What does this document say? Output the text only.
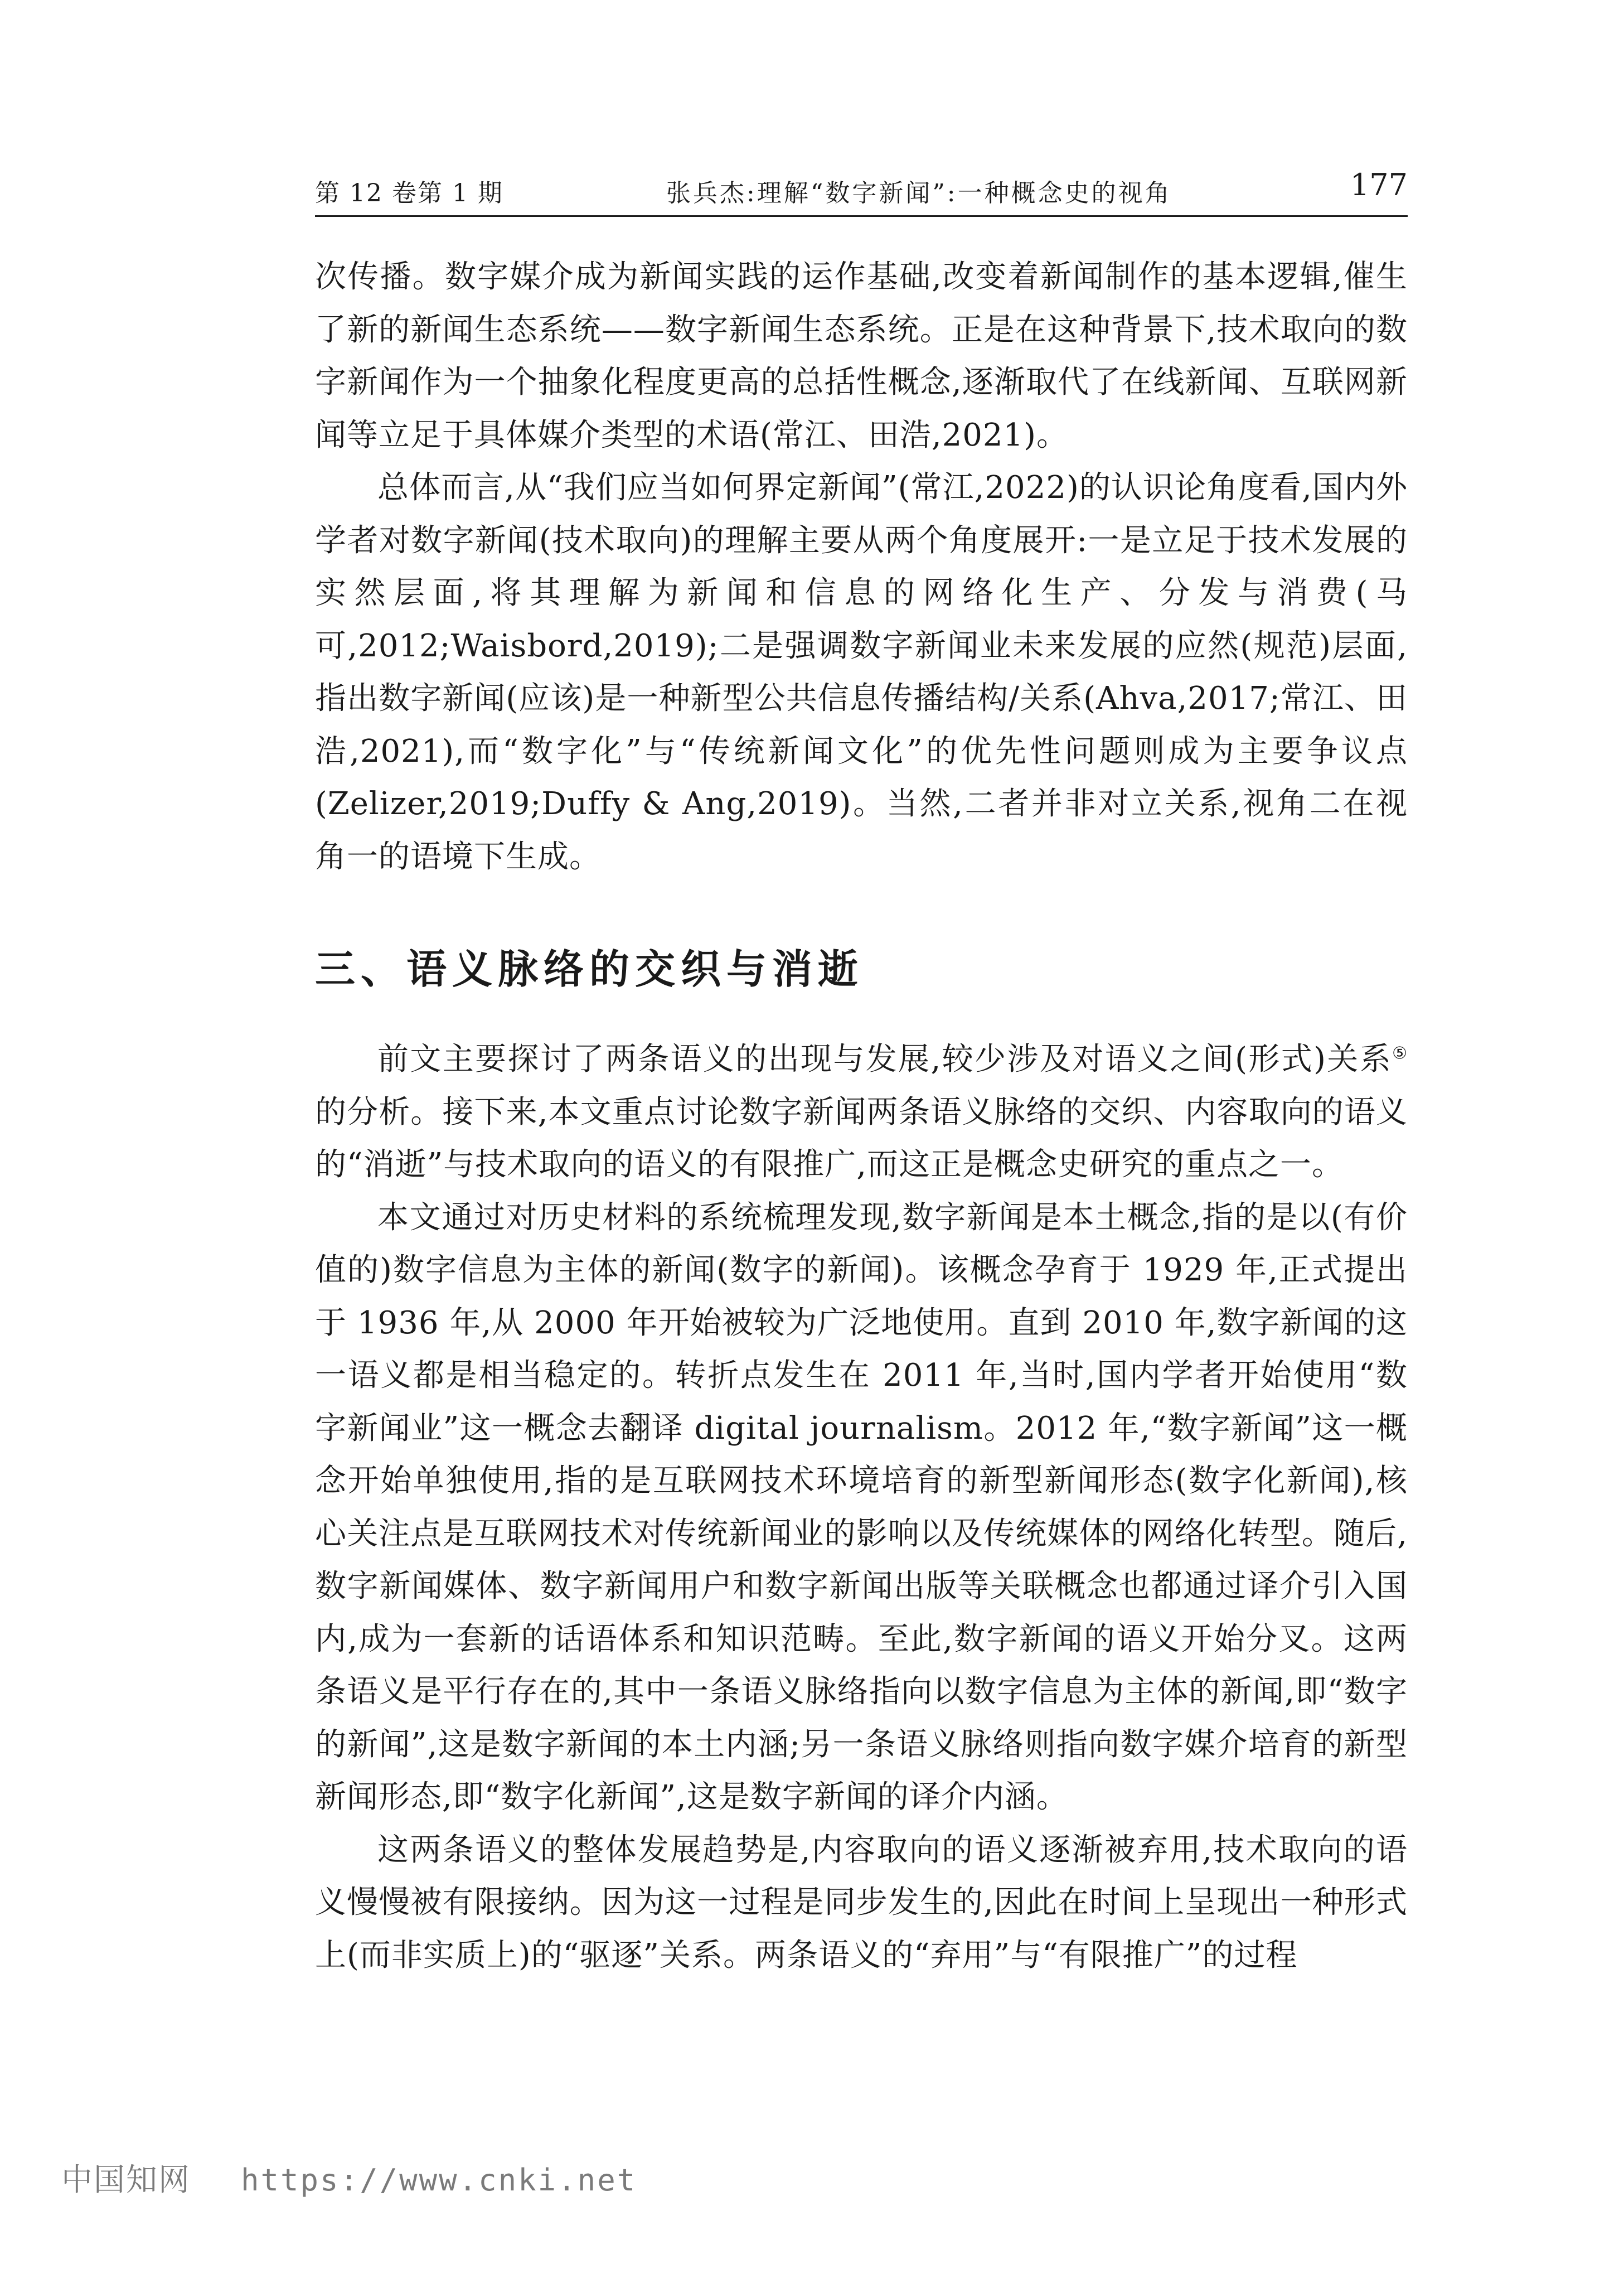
第 12 卷第 1 期	张兵杰:理解“数字新闻”:一种概念史的视角	177

次传播。数字媒介成为新闻实践的运作基础,改变着新闻制作的基本逻辑,催生了新的新闻生态系统——数字新闻生态系统。正是在这种背景下,技术取向的数字新闻作为一个抽象化程度更高的总括性概念,逐渐取代了在线新闻、互联网新闻等立足于具体媒介类型的术语(常江、田浩,2021)。

总体而言,从“我们应当如何界定新闻”(常江,2022)的认识论角度看,国内外学者对数字新闻(技术取向)的理解主要从两个角度展开:一是立足于技术发展的实然层面,将其理解为新闻和信息的网络化生产、分发与消费(马可,2012;Waisbord,2019);二是强调数字新闻业未来发展的应然(规范)层面,指出数字新闻(应该)是一种新型公共信息传播结构/关系(Ahva,2017;常江、田浩,2021),而“数字化”与“传统新闻文化”的优先性问题则成为主要争议点(Zelizer,2019;Duffy & Ang,2019)。当然,二者并非对立关系,视角二在视角一的语境下生成。

三、语义脉络的交织与消逝

前文主要探讨了两条语义的出现与发展,较少涉及对语义之间(形式)关系⑤的分析。接下来,本文重点讨论数字新闻两条语义脉络的交织、内容取向的语义的“消逝”与技术取向的语义的有限推广,而这正是概念史研究的重点之一。

本文通过对历史材料的系统梳理发现,数字新闻是本土概念,指的是以(有价值的)数字信息为主体的新闻(数字的新闻)。该概念孕育于 1929 年,正式提出于 1936 年,从 2000 年开始被较为广泛地使用。直到 2010 年,数字新闻的这一语义都是相当稳定的。转折点发生在 2011 年,当时,国内学者开始使用“数字新闻业”这一概念去翻译 digital journalism。2012 年,“数字新闻”这一概念开始单独使用,指的是互联网技术环境培育的新型新闻形态(数字化新闻),核心关注点是互联网技术对传统新闻业的影响以及传统媒体的网络化转型。随后,数字新闻媒体、数字新闻用户和数字新闻出版等关联概念也都通过译介引入国内,成为一套新的话语体系和知识范畴。至此,数字新闻的语义开始分叉。这两条语义是平行存在的,其中一条语义脉络指向以数字信息为主体的新闻,即“数字的新闻”,这是数字新闻的本土内涵;另一条语义脉络则指向数字媒介培育的新型新闻形态,即“数字化新闻”,这是数字新闻的译介内涵。

这两条语义的整体发展趋势是,内容取向的语义逐渐被弃用,技术取向的语义慢慢被有限接纳。因为这一过程是同步发生的,因此在时间上呈现出一种形式上(而非实质上)的“驱逐”关系。两条语义的“弃用”与“有限推广”的过程

中国知网 https://www.cnki.net
